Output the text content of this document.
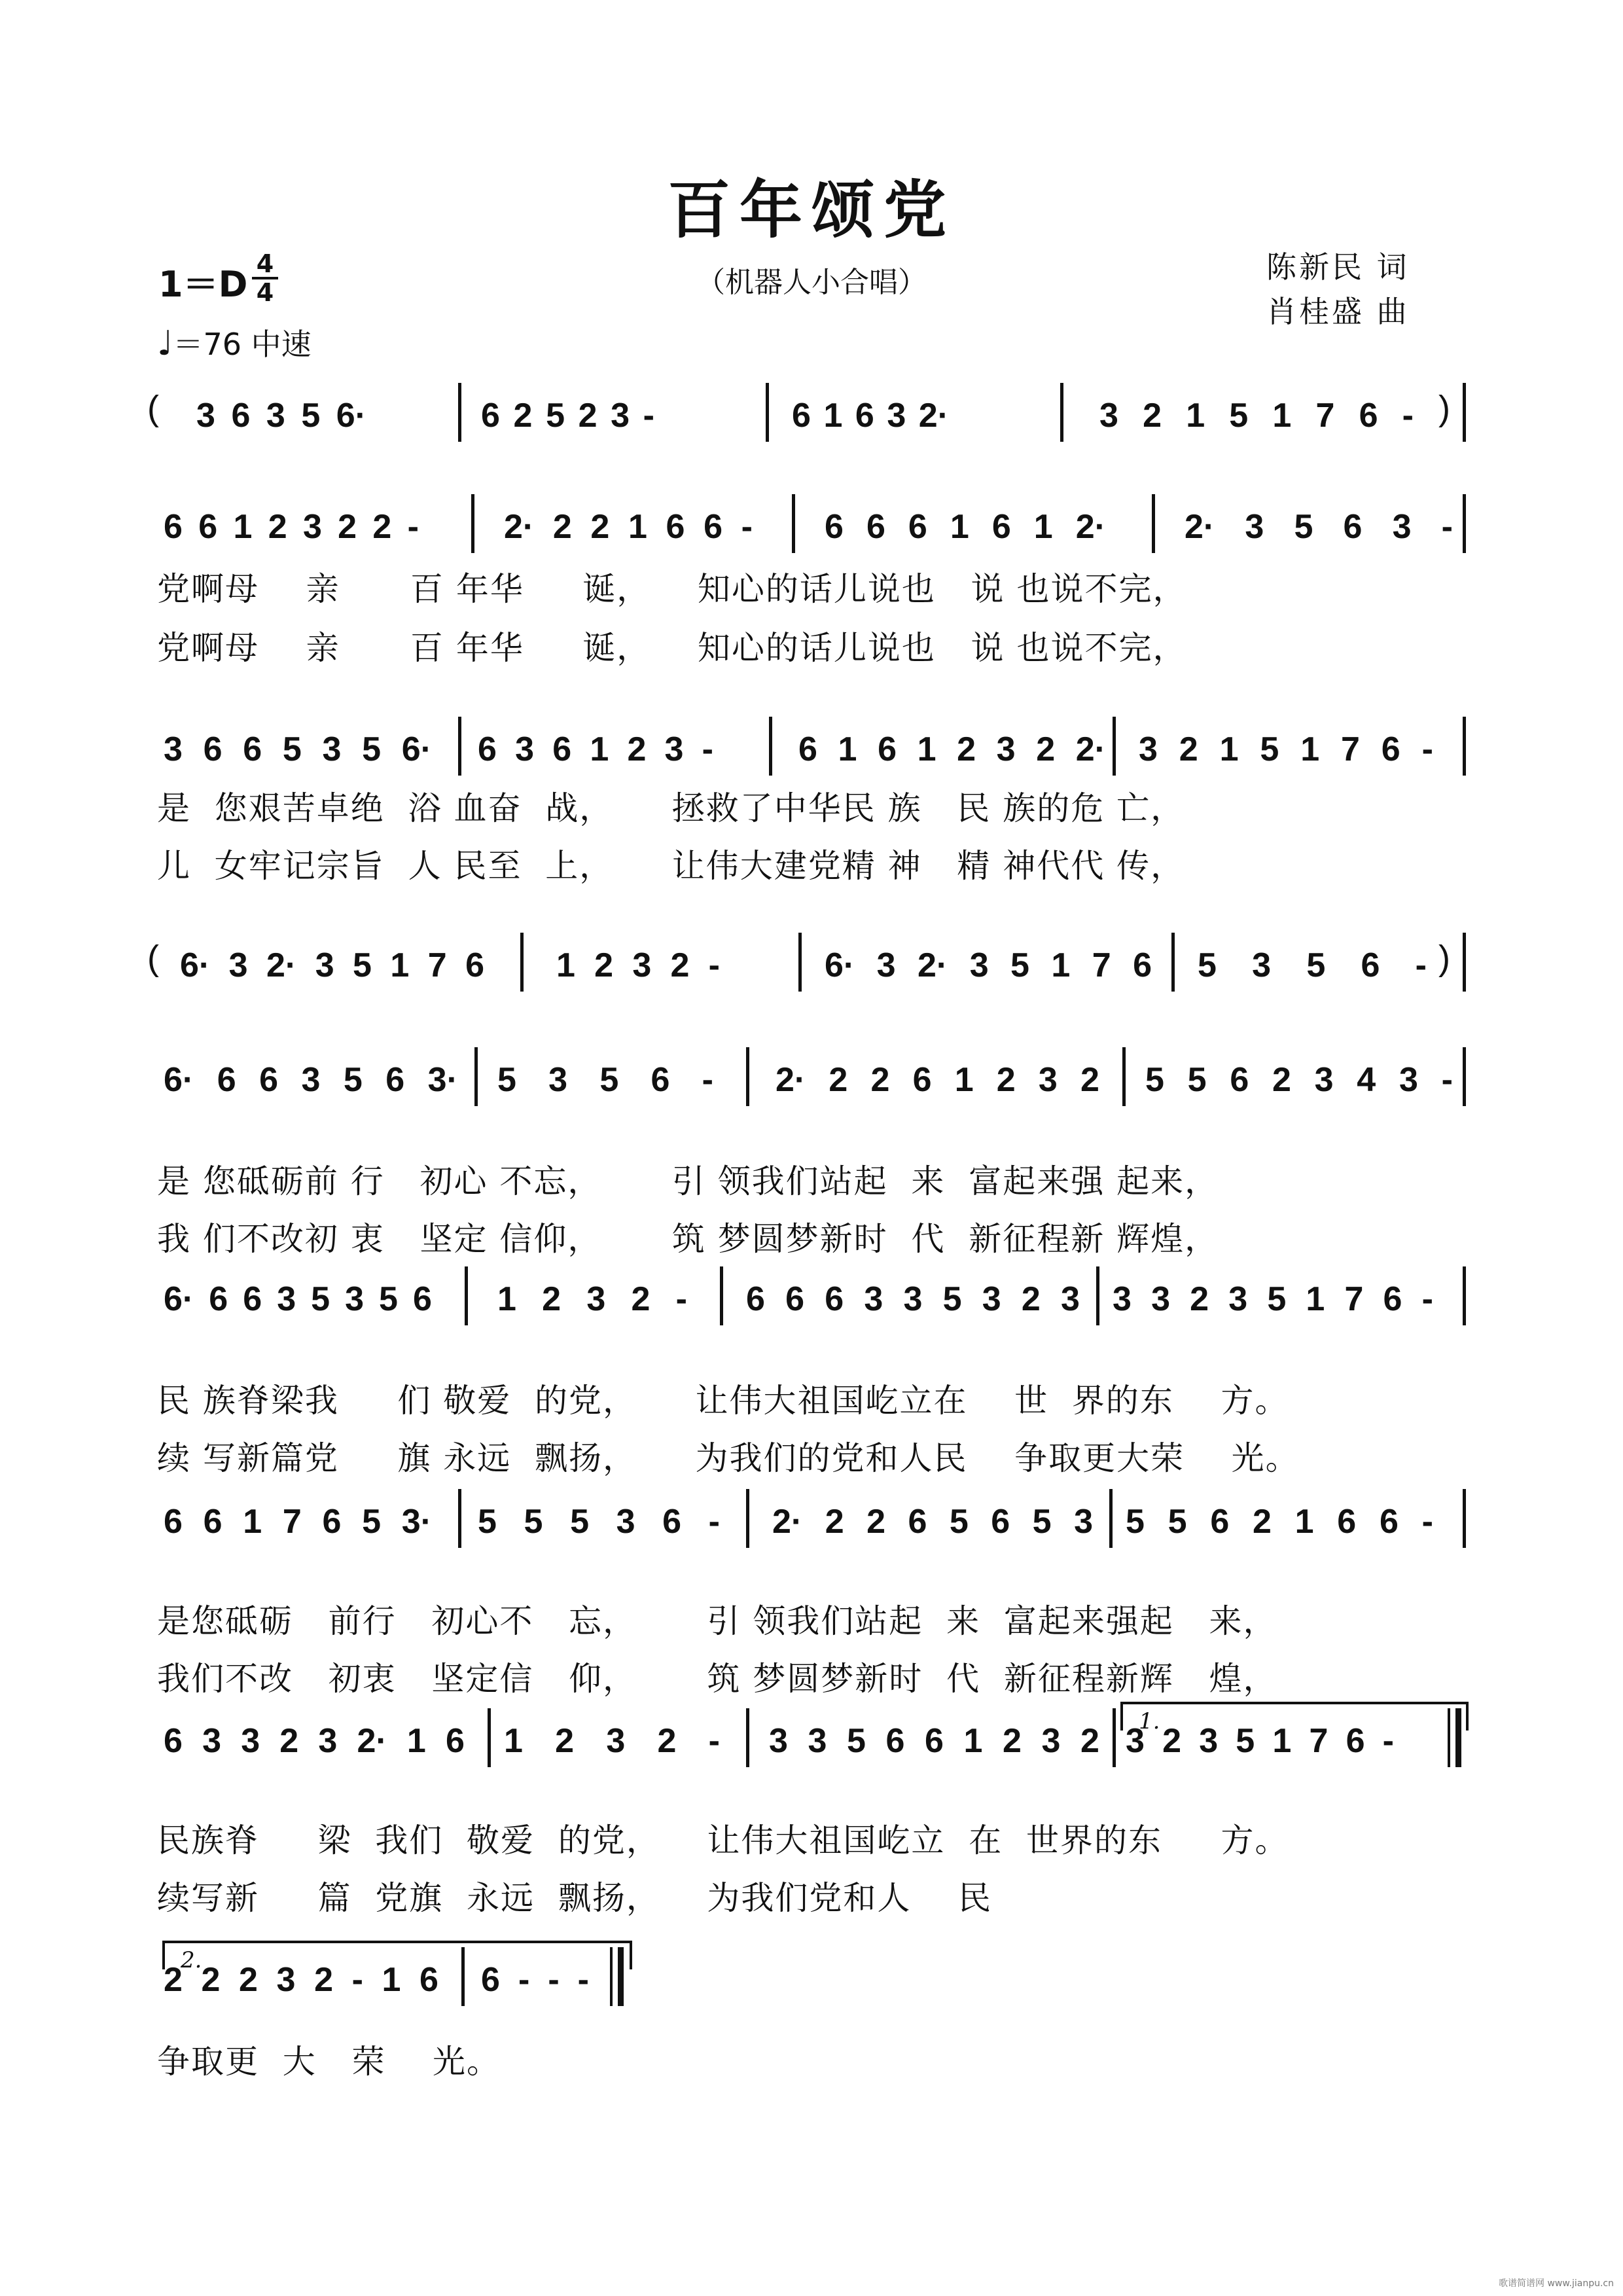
百年颂党
（机器人小合唱）	陈新民 词
肖桂盛 曲
1＝D 4
4
♩＝76 中速
( 3 6 3 5 6·	6 2 5 2 3 -	6 1 6 3 2·	3 2 1 5 1 7 6 - )
6 6 1 2 3 2 2 -	2· 2 2 1 6 6 - 6 6 6 1 6 1 2· 2· 3 5 6 3 -
3 6 6 5 3 5 6· 6 3 6 1 2 3 -	6 1 6 1 2 3 2 2· 3 2 1 5 1 7 6 -
( 6· 3 2· 3 5 1 7 6 1 2 3 2 -	6· 3 2· 3 5 1 7 6 5 3 5 6 - )
6· 6 6 3 5 6 3· 5 3 5 6 - 2· 2 2 6 1 2 3 2 5 5 6 2 3 4 3 -
6· 6 6 3 5 3 5 6 1 2 3 2 - 6 6 6 3 3 5 3 2 3 3 3 2 3 5 1 7 6 -
6 6 1 7 6 5 3· 5 5 5 3 6 - 2· 2 2 6 5 6 5 3 5 5 6 2 1 6 6 -
6 3 3 2 3 2· 1 6 1 2 3 2 - 3 3 5 6 6 1 2 3 2 3 2 3 5 1 7 6 -
2 2 2 3 2 - 1 6 6 - - -
党啊母    亲      百 年华     诞，    知心的话儿说也   说 也说不完，
党啊母    亲      百 年华     诞，    知心的话儿说也   说 也说不完，
是  您艰苦卓绝  浴 血奋  战，     拯救了中华民 族   民 族的危 亡，
儿  女牢记宗旨  人 民至  上，     让伟大建党精 神   精 神代代 传，
是 您砥砺前 行   初心 不忘，      引 领我们站起  来  富起来强 起来，
我 们不改初 衷   坚定 信仰，      筑 梦圆梦新时  代  新征程新 辉煌，
民 族脊梁我     们 敬爱  的党，     让伟大祖国屹立在    世  界的东    方。
续 写新篇党     旗 永远  飘扬，     为我们的党和人民    争取更大荣    光。
是您砥砺   前行   初心不   忘，      引 领我们站起  来  富起来强起   来，
我们不改   初衷   坚定信   仰，      筑 梦圆梦新时  代  新征程新辉   煌，
民族脊     梁  我们  敬爱  的党，    让伟大祖国屹立  在  世界的东     方。
续写新     篇  党旗  永远  飘扬，    为我们党和人    民
争取更  大   荣    光。
1.
2.
歌谱简谱网 www.jianpu.cn
